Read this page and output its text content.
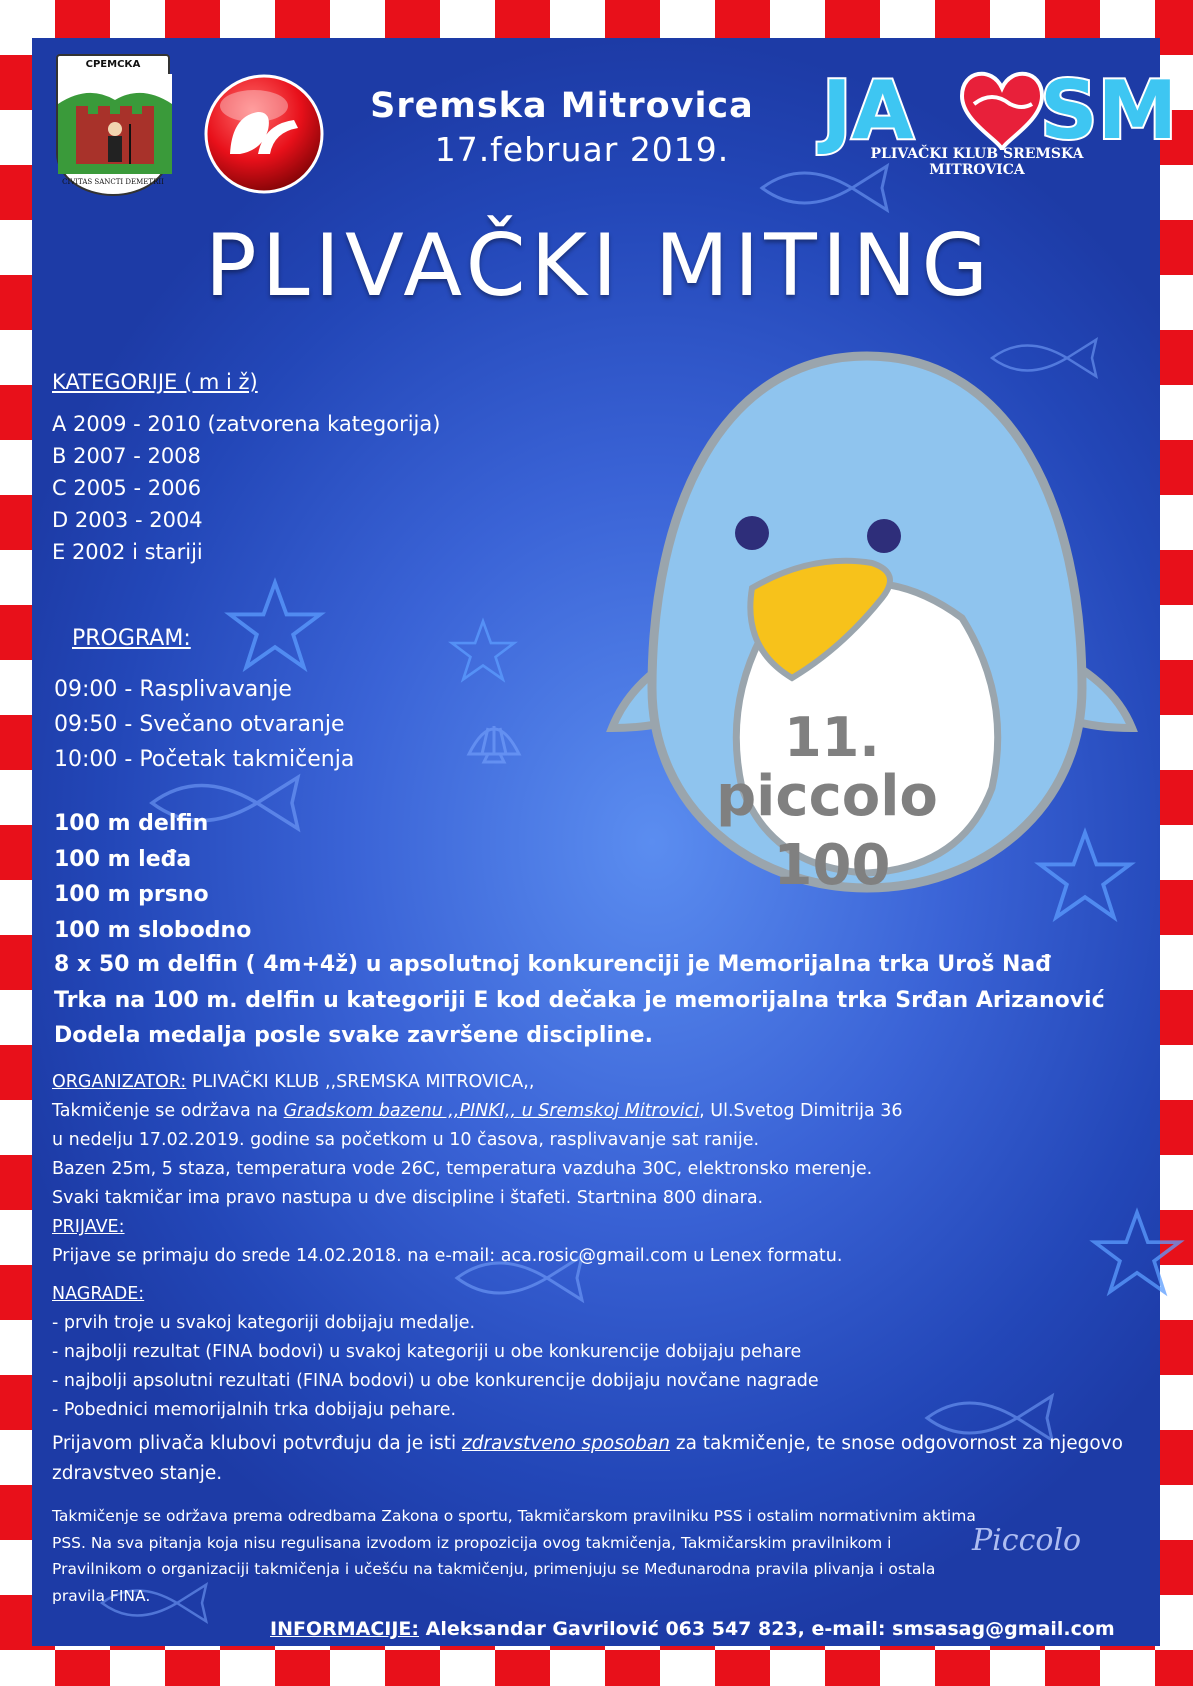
СРЕМСКА
CIVITAS SANCTI DEMETRII
Sremska Mitrovica
17.februar 2019.	JA SM
PLIVAČKI KLUB SREMSKA MITROVICA
PLIVAČKI MITING
11.
piccolo
100
KATEGORIJE ( m i ž)
A 2009 - 2010 (zatvorena kategorija)
B 2007 - 2008
C 2005 - 2006
D 2003 - 2004
E 2002 i stariji
PROGRAM:
09:00 - Rasplivavanje
09:50 - Svečano otvaranje
10:00 - Početak takmičenja
100 m delfin
100 m leđa
100 m prsno
100 m slobodno
8 x 50 m delfin ( 4m+4ž) u apsolutnoj konkurenciji je Memorijalna trka Uroš Nađ
Trka na 100 m. delfin u kategoriji E kod dečaka je memorijalna trka Srđan Arizanović
Dodela medalja posle svake završene discipline.
ORGANIZATOR: PLIVAČKI KLUB ,,SREMSKA MITROVICA,,
Takmičenje se održava na Gradskom bazenu ,,PINKI,, u Sremskoj Mitrovici, Ul.Svetog Dimitrija 36
u nedelju 17.02.2019. godine sa početkom u 10 časova, rasplivavanje sat ranije.
Bazen 25m, 5 staza, temperatura vode 26C, temperatura vazduha 30C, elektronsko merenje.
Svaki takmičar ima pravo nastupa u dve discipline i štafeti. Startnina 800 dinara.
PRIJAVE:
Prijave se primaju do srede 14.02.2018. na e-mail: aca.rosic@gmail.com u Lenex formatu.
NAGRADE:
- prvih troje u svakoj kategoriji dobijaju medalje.
- najbolji rezultat (FINA bodovi) u svakoj kategoriji u obe konkurencije dobijaju pehare
- najbolji apsolutni rezultati (FINA bodovi) u obe konkurencije dobijaju novčane nagrade
- Pobednici memorijalnih trka dobijaju pehare.
Prijavom plivača klubovi potvrđuju da je isti zdravstveno sposoban za takmičenje, te snose odgovornost za njegovo zdravstveo stanje.
Takmičenje se održava prema odredbama Zakona o sportu, Takmičarskom pravilniku PSS i ostalim normativnim aktima PSS. Na sva pitanja koja nisu regulisana izvodom iz propozicija ovog takmičenja, Takmičarskim pravilnikom i Pravilnikom o organizaciji takmičenja i učešću na takmičenju, primenjuju se Međunarodna pravila plivanja i ostala pravila FINA.
Piccolo
INFORMACIJE: Aleksandar Gavrilović 063 547 823, e-mail: smsasag@gmail.com
